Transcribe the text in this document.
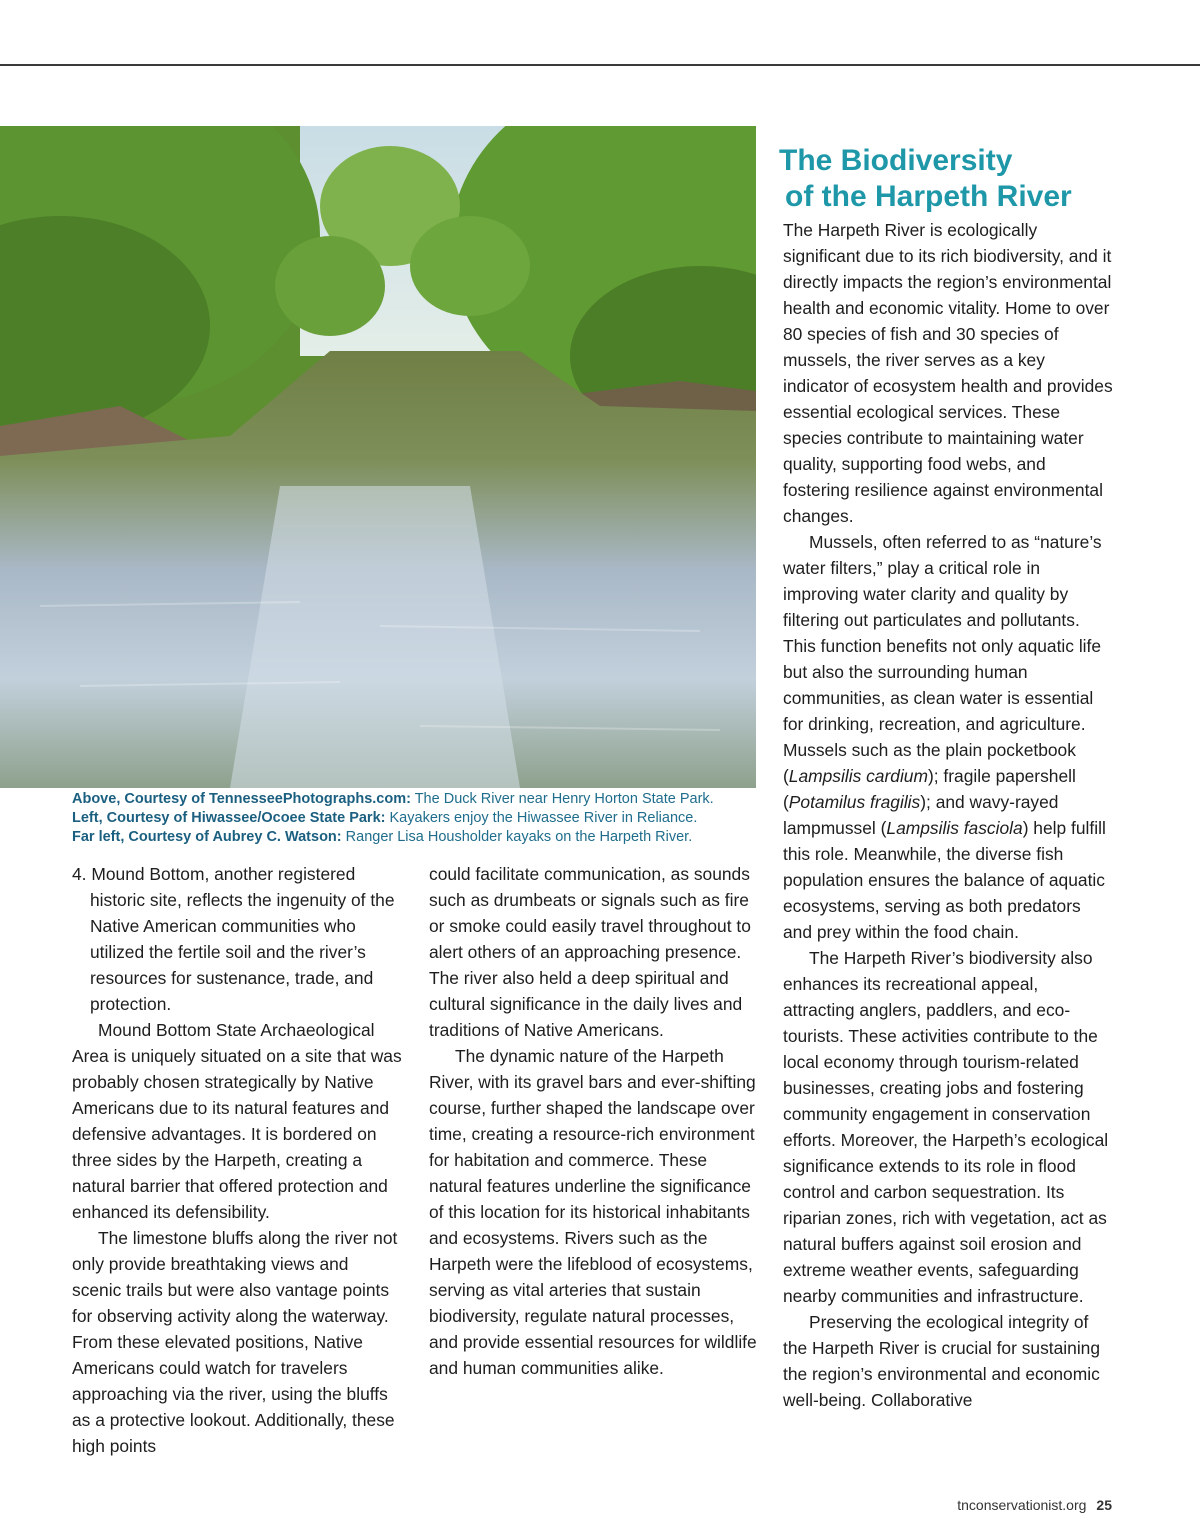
Above, Courtesy of TennesseePhotographs.com: The Duck River near Henry Horton State Park.
Left, Courtesy of Hiwassee/Ocoee State Park: Kayakers enjoy the Hiwassee River in Reliance.
Far left, Courtesy of Aubrey C. Watson: Ranger Lisa Housholder kayaks on the Harpeth River.
The Biodiversity
of the Harpeth River

4. Mound Bottom, another registered historic site, reflects the ingenuity of the Native American communities who utilized the fertile soil and the river’s resources for sustenance, trade, and protection.

Mound Bottom State Archaeological Area is uniquely situated on a site that was probably chosen strategically by Native Americans due to its natural features and defensive advantages. It is bordered on three sides by the Harpeth, creating a natural barrier that offered protection and enhanced its defensibility.

The limestone bluffs along the river not only provide breathtaking views and scenic trails but were also vantage points for observing activity along the waterway. From these elevated positions, Native Americans could watch for travelers approaching via the river, using the bluffs as a protective lookout. Additionally, these high points

could facilitate communication, as sounds such as drumbeats or signals such as fire or smoke could easily travel throughout to alert others of an approaching presence. The river also held a deep spiritual and cultural significance in the daily lives and traditions of Native Americans.

The dynamic nature of the Harpeth River, with its gravel bars and ever-shifting course, further shaped the landscape over time, creating a resource-rich environment for habitation and commerce. These natural features underline the significance of this location for its historical inhabitants and ecosystems. Rivers such as the Harpeth were the lifeblood of ecosystems, serving as vital arteries that sustain biodiversity, regulate natural processes, and provide essential resources for wildlife and human communities alike.

The Harpeth River is ecologically significant due to its rich biodiversity, and it directly impacts the region’s environmental health and economic vitality. Home to over 80 species of fish and 30 species of mussels, the river serves as a key indicator of ecosystem health and provides essential ecological services. These species contribute to maintaining water quality, supporting food webs, and fostering resilience against environmental changes.

Mussels, often referred to as “nature’s water filters,” play a critical role in improving water clarity and quality by filtering out particulates and pollutants. This function benefits not only aquatic life but also the surrounding human communities, as clean water is essential for drinking, recreation, and agriculture. Mussels such as the plain pocketbook (Lampsilis cardium); fragile papershell (Potamilus fragilis); and wavy-rayed lampmussel (Lampsilis fasciola) help fulfill this role. Meanwhile, the diverse fish population ensures the balance of aquatic ecosystems, serving as both predators and prey within the food chain.

The Harpeth River’s biodiversity also enhances its recreational appeal, attracting anglers, paddlers, and eco-tourists. These activities contribute to the local economy through tourism-related businesses, creating jobs and fostering community engagement in conservation efforts. Moreover, the Harpeth’s ecological significance extends to its role in flood control and carbon sequestration. Its riparian zones, rich with vegetation, act as natural buffers against soil erosion and extreme weather events, safeguarding nearby communities and infrastructure.

Preserving the ecological integrity of the Harpeth River is crucial for sustaining the region’s environmental and economic well-being. Collaborative

tnconservationist.org 25
